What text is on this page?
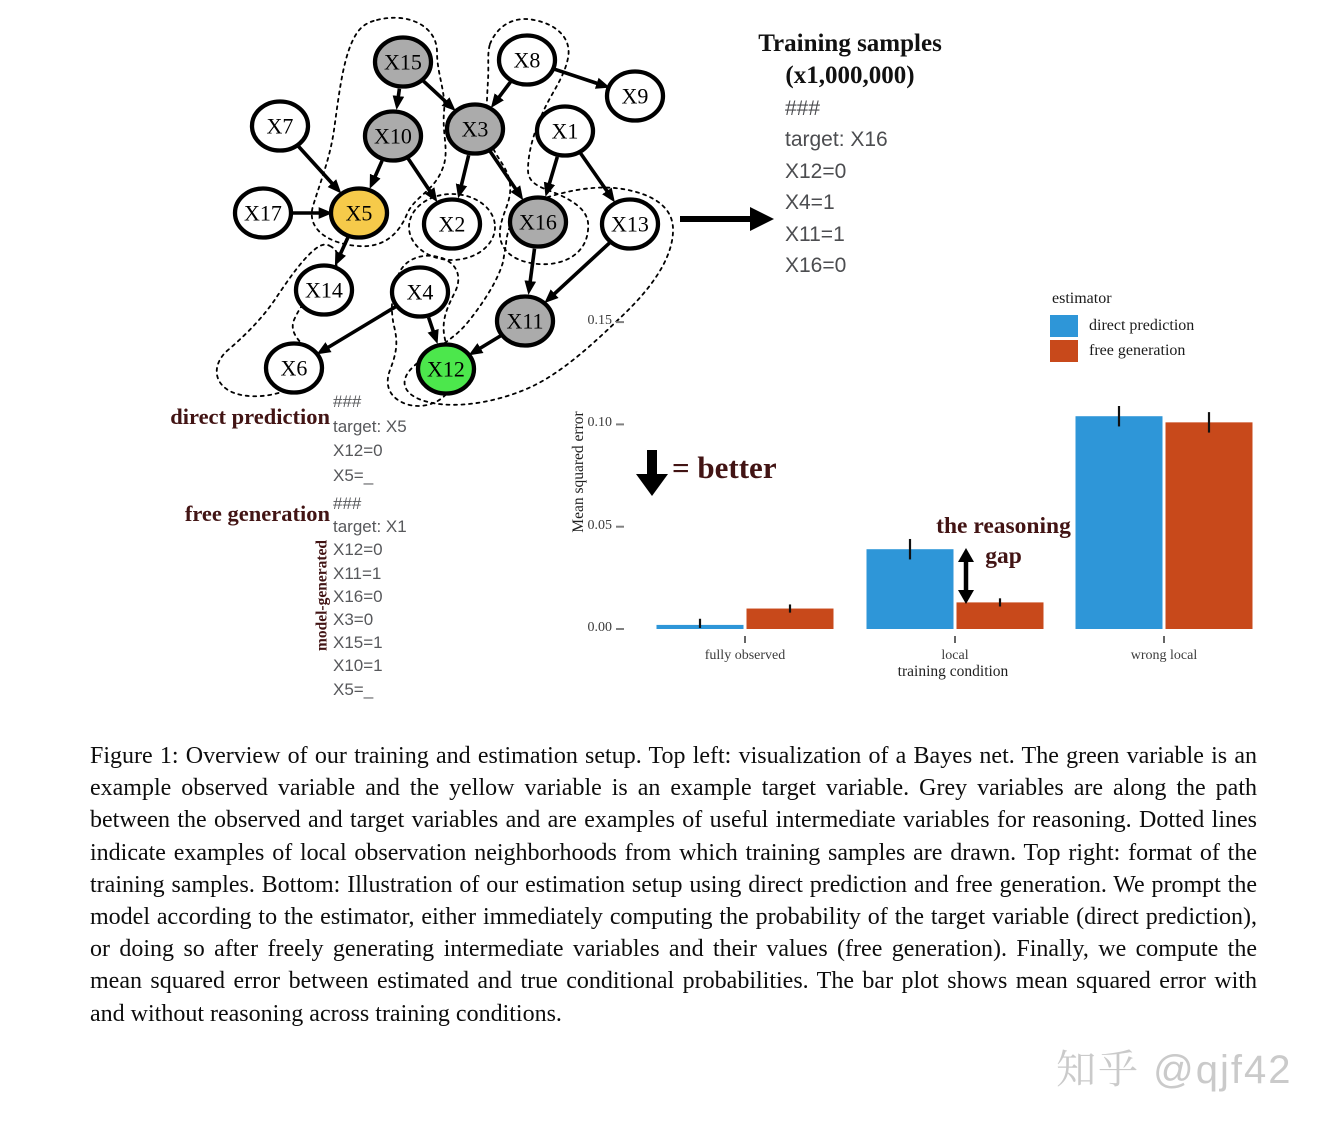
X15	X8
X9
X7	X10 X3	X1
X17	X5	X2 X16 X13
X14	X4
X11
X6	X12
Training samples
(x1,000,000)
###
target: X16
X12=0
X4=1
X11=1
X16=0
direct prediction
###
target: X5
X12=0
X5=_
free generation ###
target: X1
X12=0
X11=1
X16=0
X3=0
X15=1
X10=1
X5=_
model-generated
= better
the reasoning
gap
Mean squared error
training condition
0.00
0.05
0.10
0.15
fully observed	local	wrong local
estimator
direct prediction
free generation
Figure 1: Overview of our training and estimation setup. Top left: visualization of a Bayes net. The green variable is an example observed variable and the yellow variable is an example target variable. Grey variables are along the path between the observed and target variables and are examples of useful intermediate variables for reasoning. Dotted lines indicate examples of local observation neighborhoods from which training samples are drawn. Top right: format of the training samples. Bottom: Illustration of our estimation setup using direct prediction and free generation. We prompt the model according to the estimator, either immediately computing the probability of the target variable (direct prediction), or doing so after freely generating intermediate variables and their values (free generation). Finally, we compute the mean squared error between estimated and true conditional probabilities. The bar plot shows mean squared error with and without reasoning across training conditions.
知乎 @qjf42
